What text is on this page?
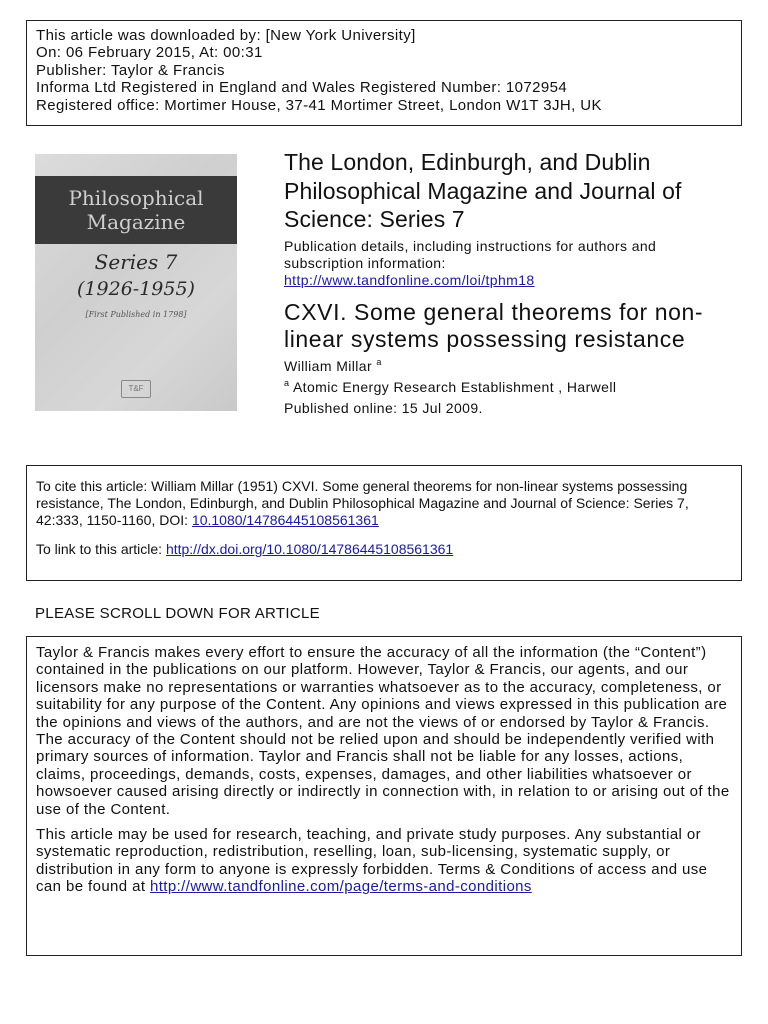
This article was downloaded by: [New York University]
On: 06 February 2015, At: 00:31
Publisher: Taylor & Francis
Informa Ltd Registered in England and Wales Registered Number: 1072954
Registered office: Mortimer House, 37-41 Mortimer Street, London W1T 3JH, UK
Philosophical
Magazine
Series 7
(1926-1955)
[First Published in 1798]
T&F
The London, Edinburgh, and Dublin Philosophical Magazine and Journal of Science: Series 7
Publication details, including instructions for authors and subscription information:
http://www.tandfonline.com/loi/tphm18
CXVI. Some general theorems for non-linear systems possessing resistance
William Millar $^a$
$^a$ Atomic Energy Research Establishment , Harwell
Published online: 15 Jul 2009.

To cite this article: William Millar (1951) CXVI. Some general theorems for non-linear systems possessing resistance, The London, Edinburgh, and Dublin Philosophical Magazine and Journal of Science: Series 7, 42:333, 1150-1160, DOI: 10.1080/14786445108561361

To link to this article: http://dx.doi.org/10.1080/14786445108561361
PLEASE SCROLL DOWN FOR ARTICLE

Taylor & Francis makes every effort to ensure the accuracy of all the information (the “Content”) contained in the publications on our platform. However, Taylor & Francis, our agents, and our licensors make no representations or warranties whatsoever as to the accuracy, completeness, or suitability for any purpose of the Content. Any opinions and views expressed in this publication are the opinions and views of the authors, and are not the views of or endorsed by Taylor & Francis. The accuracy of the Content should not be relied upon and should be independently verified with primary sources of information. Taylor and Francis shall not be liable for any losses, actions, claims, proceedings, demands, costs, expenses, damages, and other liabilities whatsoever or howsoever caused arising directly or indirectly in connection with, in relation to or arising out of the use of the Content.

This article may be used for research, teaching, and private study purposes. Any substantial or systematic reproduction, redistribution, reselling, loan, sub-licensing, systematic supply, or distribution in any form to anyone is expressly forbidden. Terms & Conditions of access and use can be found at http://www.tandfonline.com/page/terms-and-conditions
